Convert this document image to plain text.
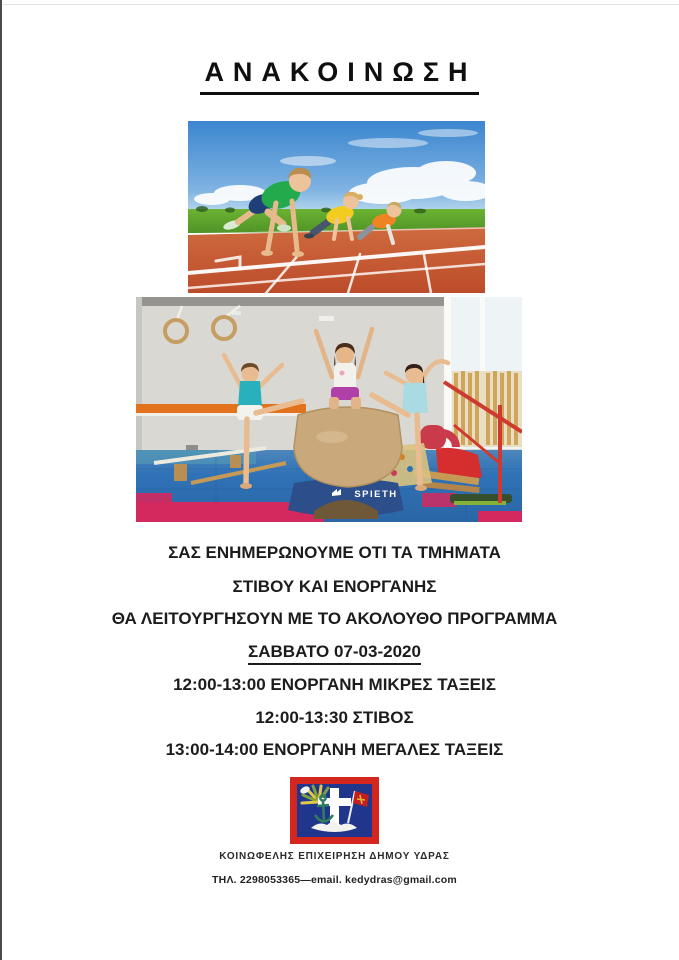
ΑΝΑΚΟΙΝΩΣΗ
SPIETH

ΣΑΣ ΕΝΗΜΕΡΩΝΟΥΜΕ ΟΤΙ ΤΑ ΤΜΗΜΑΤΑ

ΣΤΙΒΟΥ ΚΑΙ ΕΝΟΡΓΑΝΗΣ

ΘΑ ΛΕΙΤΟΥΡΓΗΣΟΥΝ ΜΕ ΤΟ ΑΚΟΛΟΥΘΟ ΠΡΟΓΡΑΜΜΑ

ΣΑΒΒΑΤΟ 07-03-2020

12:00-13:00 ΕΝΟΡΓΑΝΗ ΜΙΚΡΕΣ ΤΑΞΕΙΣ

12:00-13:30 ΣΤΙΒΟΣ

13:00-14:00 ΕΝΟΡΓΑΝΗ ΜΕΓΑΛΕΣ ΤΑΞΕΙΣ

ΚΟΙΝΩΦΕΛΗΣ ΕΠΙΧΕΙΡΗΣΗ ΔΗΜΟΥ ΥΔΡΑΣ

ΤΗΛ. 2298053365—email. kedydras@gmail.com
